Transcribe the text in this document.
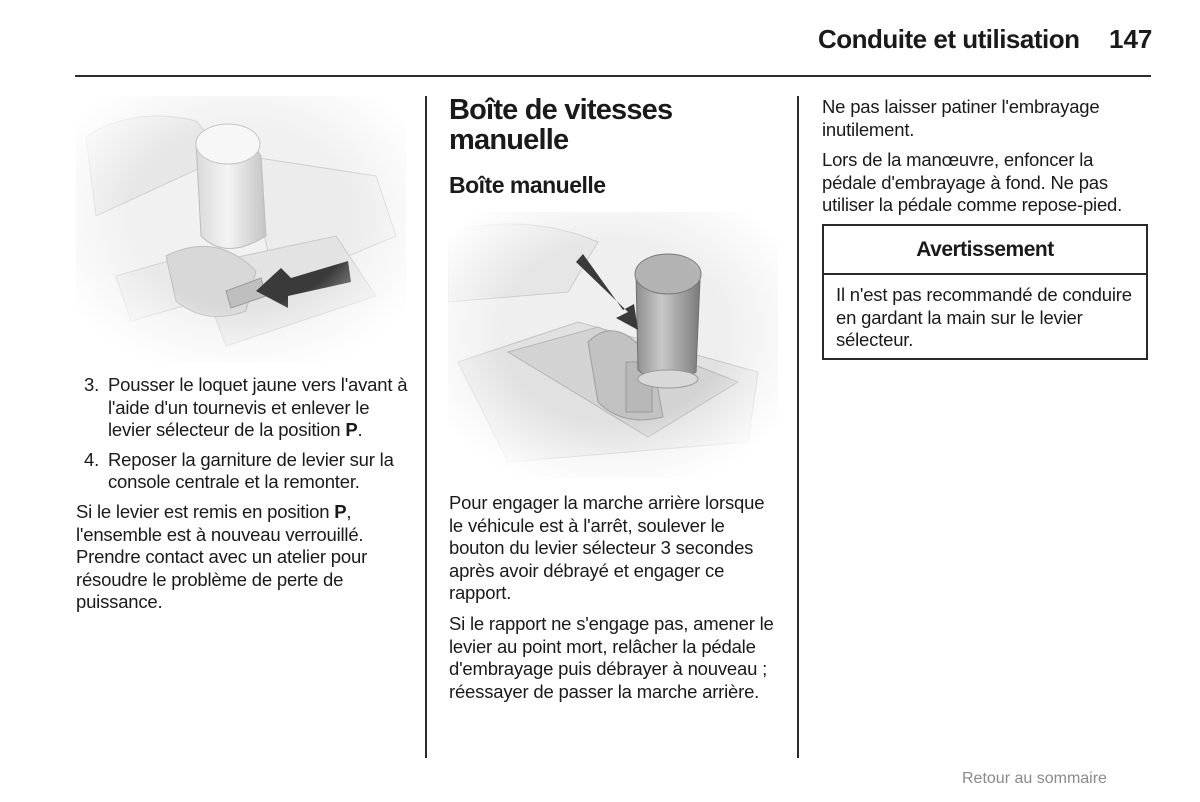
Conduite et utilisation 147
3. Pousser le loquet jaune vers l'avant à l'aide d'un tournevis et enlever le levier sélecteur de la position P.
4. Reposer la garniture de levier sur la console centrale et la remonter.

Si le levier est remis en position P, l'ensemble est à nouveau verrouillé. Prendre contact avec un atelier pour résoudre le problème de perte de puissance.

Boîte de vitesses manuelle
Boîte manuelle

Pour engager la marche arrière lorsque le véhicule est à l'arrêt, soulever le bouton du levier sélecteur 3 secondes après avoir débrayé et engager ce rapport.

Si le rapport ne s'engage pas, amener le levier au point mort, relâcher la pédale d'embrayage puis débrayer à nouveau ; réessayer de passer la marche arrière.

Ne pas laisser patiner l'embrayage inutilement.

Lors de la manœuvre, enfoncer la pédale d'embrayage à fond. Ne pas utiliser la pédale comme repose-pied.

Avertissement
Il n'est pas recommandé de conduire en gardant la main sur le levier sélecteur.
Retour au sommaire
